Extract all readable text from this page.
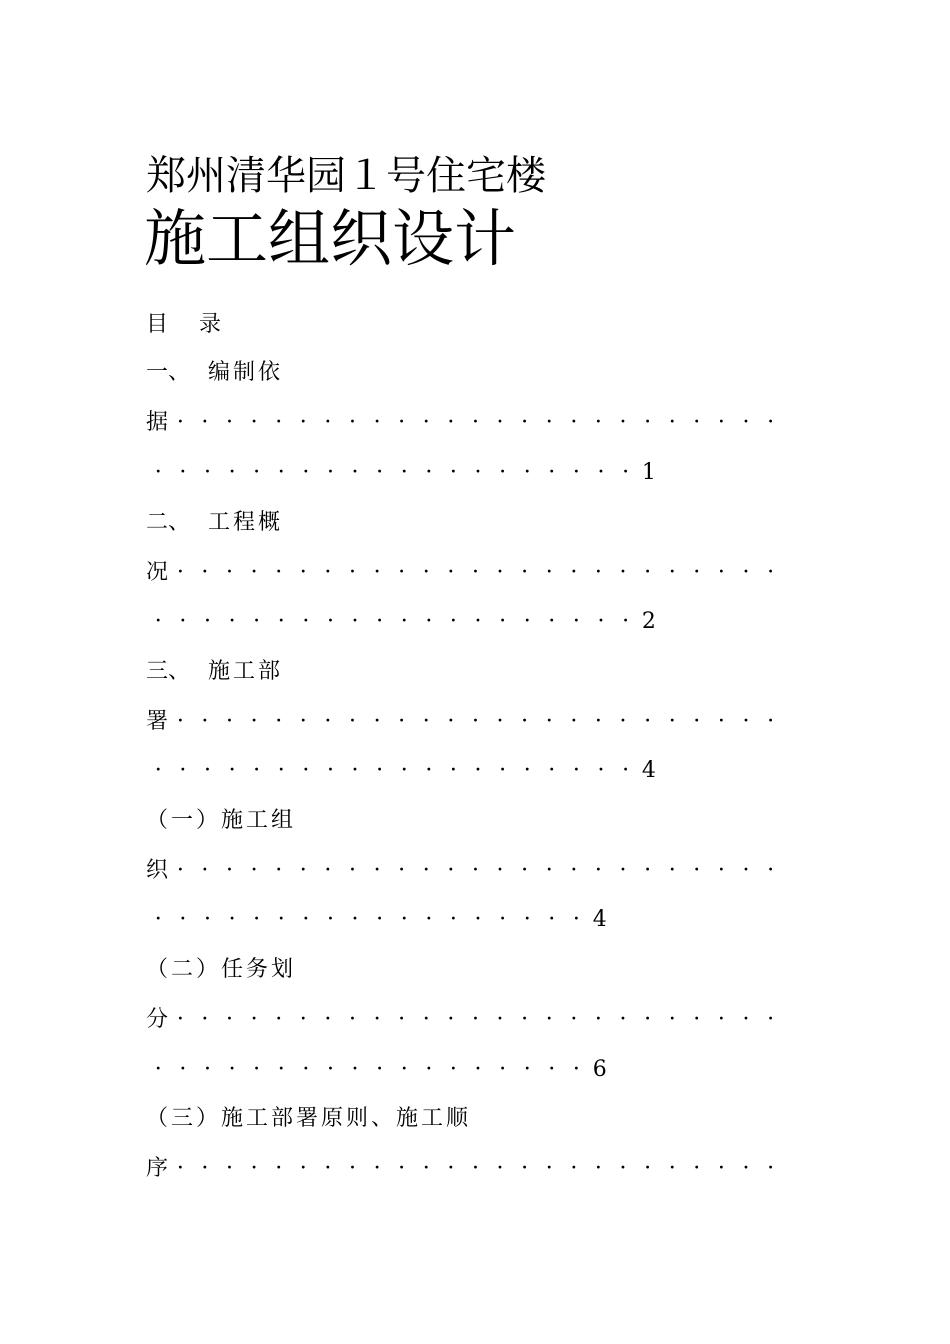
郑州清华园１号住宅楼
施工组织设计
目 录
一、 编制依
据 · · · · · · · · · · · · · · · · · · · · · · · · ·
· · · · · · · · · · · · · · · · · · · · 1
二、 工程概
况 · · · · · · · · · · · · · · · · · · · · · · · · ·
· · · · · · · · · · · · · · · · · · · · 2
三、 施工部
署 · · · · · · · · · · · · · · · · · · · · · · · · ·
· · · · · · · · · · · · · · · · · · · · 4
（一）施工组
织 · · · · · · · · · · · · · · · · · · · · · · · · ·
· · · · · · · · · · · · · · · · · · 4
（二）任务划
分 · · · · · · · · · · · · · · · · · · · · · · · · ·
· · · · · · · · · · · · · · · · · · 6
（三）施工部署原则、施工顺
序 · · · · · · · · · · · · · · · · · · · · · · · · ·
